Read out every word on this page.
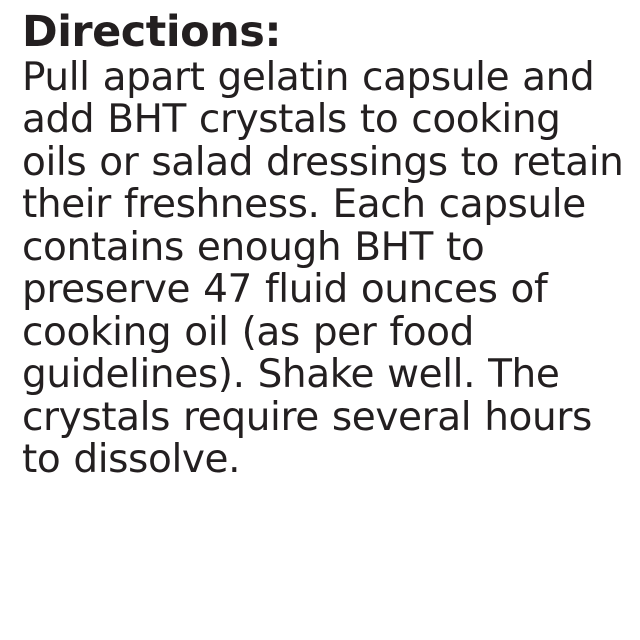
Directions:

Pull apart gelatin capsule and add BHT crystals to cooking oils or salad dressings to retain their freshness. Each capsule contains enough BHT to preserve 47 fluid ounces of cooking oil (as per food guidelines). Shake well. The crystals require several hours to dissolve.
